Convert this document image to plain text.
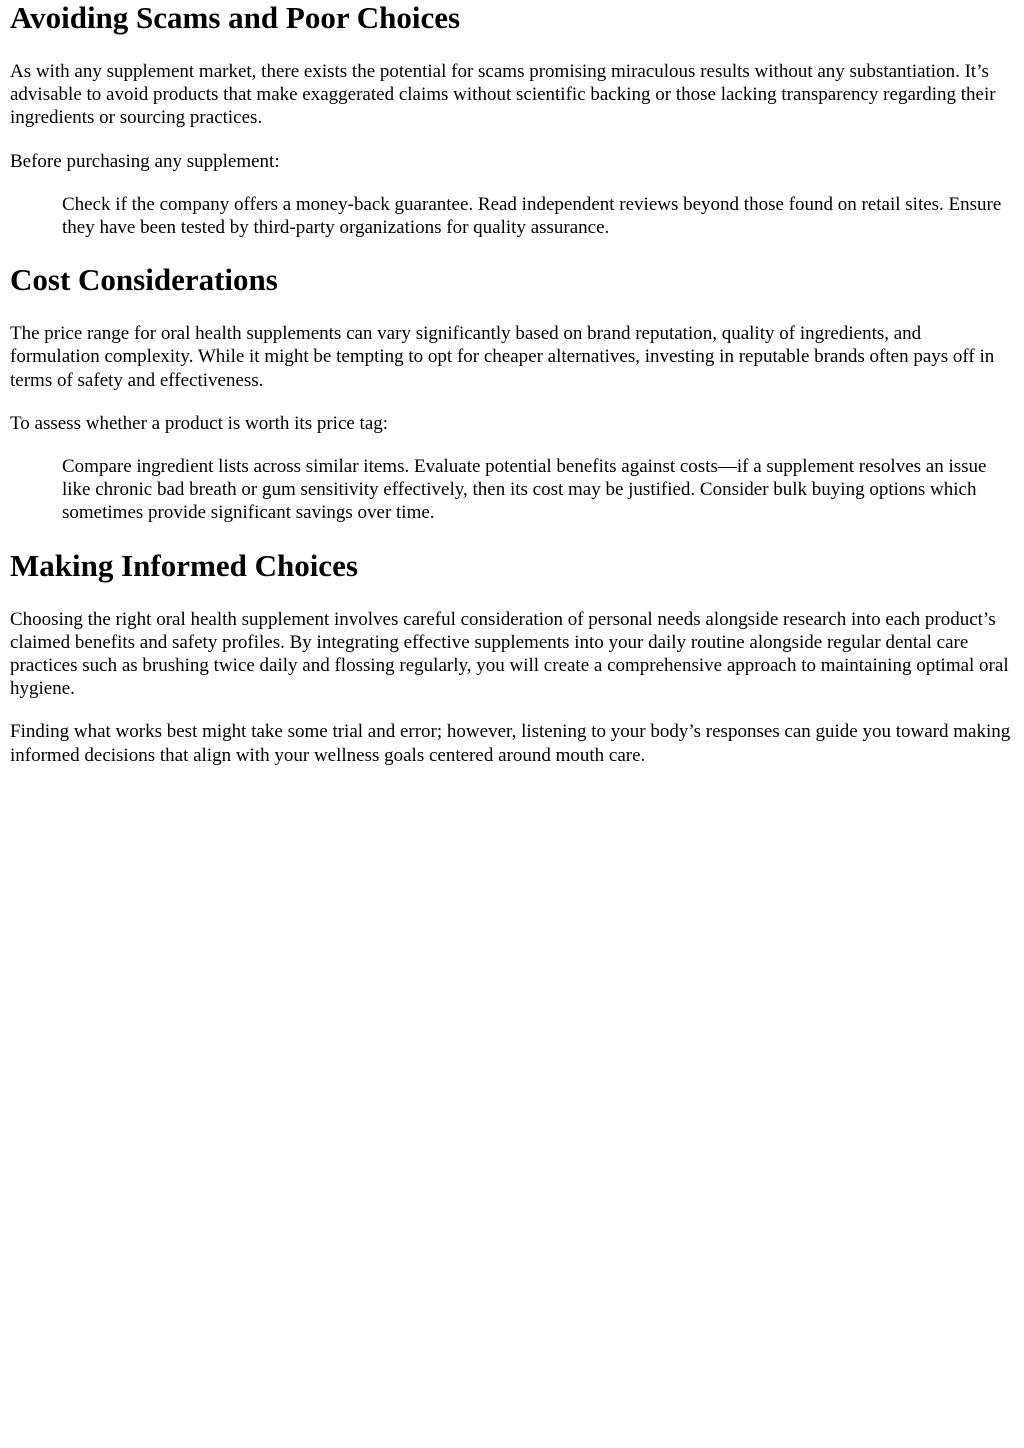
Avoiding Scams and Poor Choices

As with any supplement market, there exists the potential for scams promising miraculous results without any substantiation. It’s advisable to avoid products that make exaggerated claims without scientific backing or those lacking transparency regarding their ingredients or sourcing practices.

Before purchasing any supplement:

Check if the company offers a money-back guarantee. Read independent reviews beyond those found on retail sites. Ensure they have been tested by third-party organizations for quality assurance.

Cost Considerations

The price range for oral health supplements can vary significantly based on brand reputation, quality of ingredients, and formulation complexity. While it might be tempting to opt for cheaper alternatives, investing in reputable brands often pays off in terms of safety and effectiveness.

To assess whether a product is worth its price tag:

Compare ingredient lists across similar items. Evaluate potential benefits against costs—if a supplement resolves an issue like chronic bad breath or gum sensitivity effectively, then its cost may be justified. Consider bulk buying options which sometimes provide significant savings over time.

Making Informed Choices

Choosing the right oral health supplement involves careful consideration of personal needs alongside research into each product’s claimed benefits and safety profiles. By integrating effective supplements into your daily routine alongside regular dental care practices such as brushing twice daily and flossing regularly, you will create a comprehensive approach to maintaining optimal oral hygiene.

Finding what works best might take some trial and error; however, listening to your body’s responses can guide you toward making informed decisions that align with your wellness goals centered around mouth care.
